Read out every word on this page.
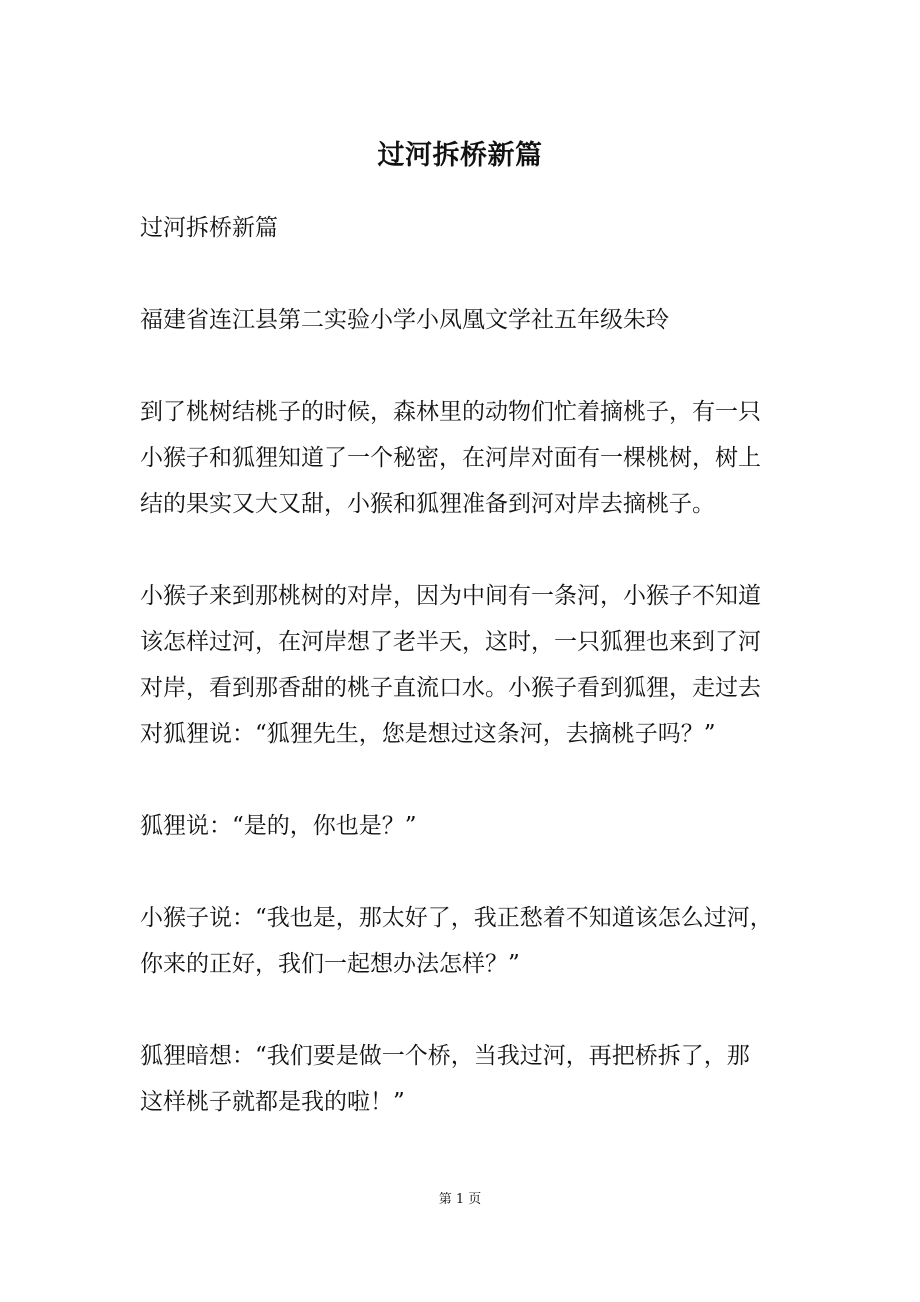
过河拆桥新篇

过河拆桥新篇

福建省连江县第二实验小学小凤凰文学社五年级朱玲

到了桃树结桃子的时候，森林里的动物们忙着摘桃子，有一只
小猴子和狐狸知道了一个秘密，在河岸对面有一棵桃树，树上
结的果实又大又甜，小猴和狐狸准备到河对岸去摘桃子。

小猴子来到那桃树的对岸，因为中间有一条河，小猴子不知道
该怎样过河，在河岸想了老半天，这时，一只狐狸也来到了河
对岸，看到那香甜的桃子直流口水。小猴子看到狐狸，走过去
对狐狸说：“狐狸先生，您是想过这条河，去摘桃子吗？”

狐狸说：“是的，你也是？”

小猴子说：“我也是，那太好了，我正愁着不知道该怎么过河，
你来的正好，我们一起想办法怎样？”

狐狸暗想：“我们要是做一个桥，当我过河，再把桥拆了，那
这样桃子就都是我的啦！”

第 1 页
